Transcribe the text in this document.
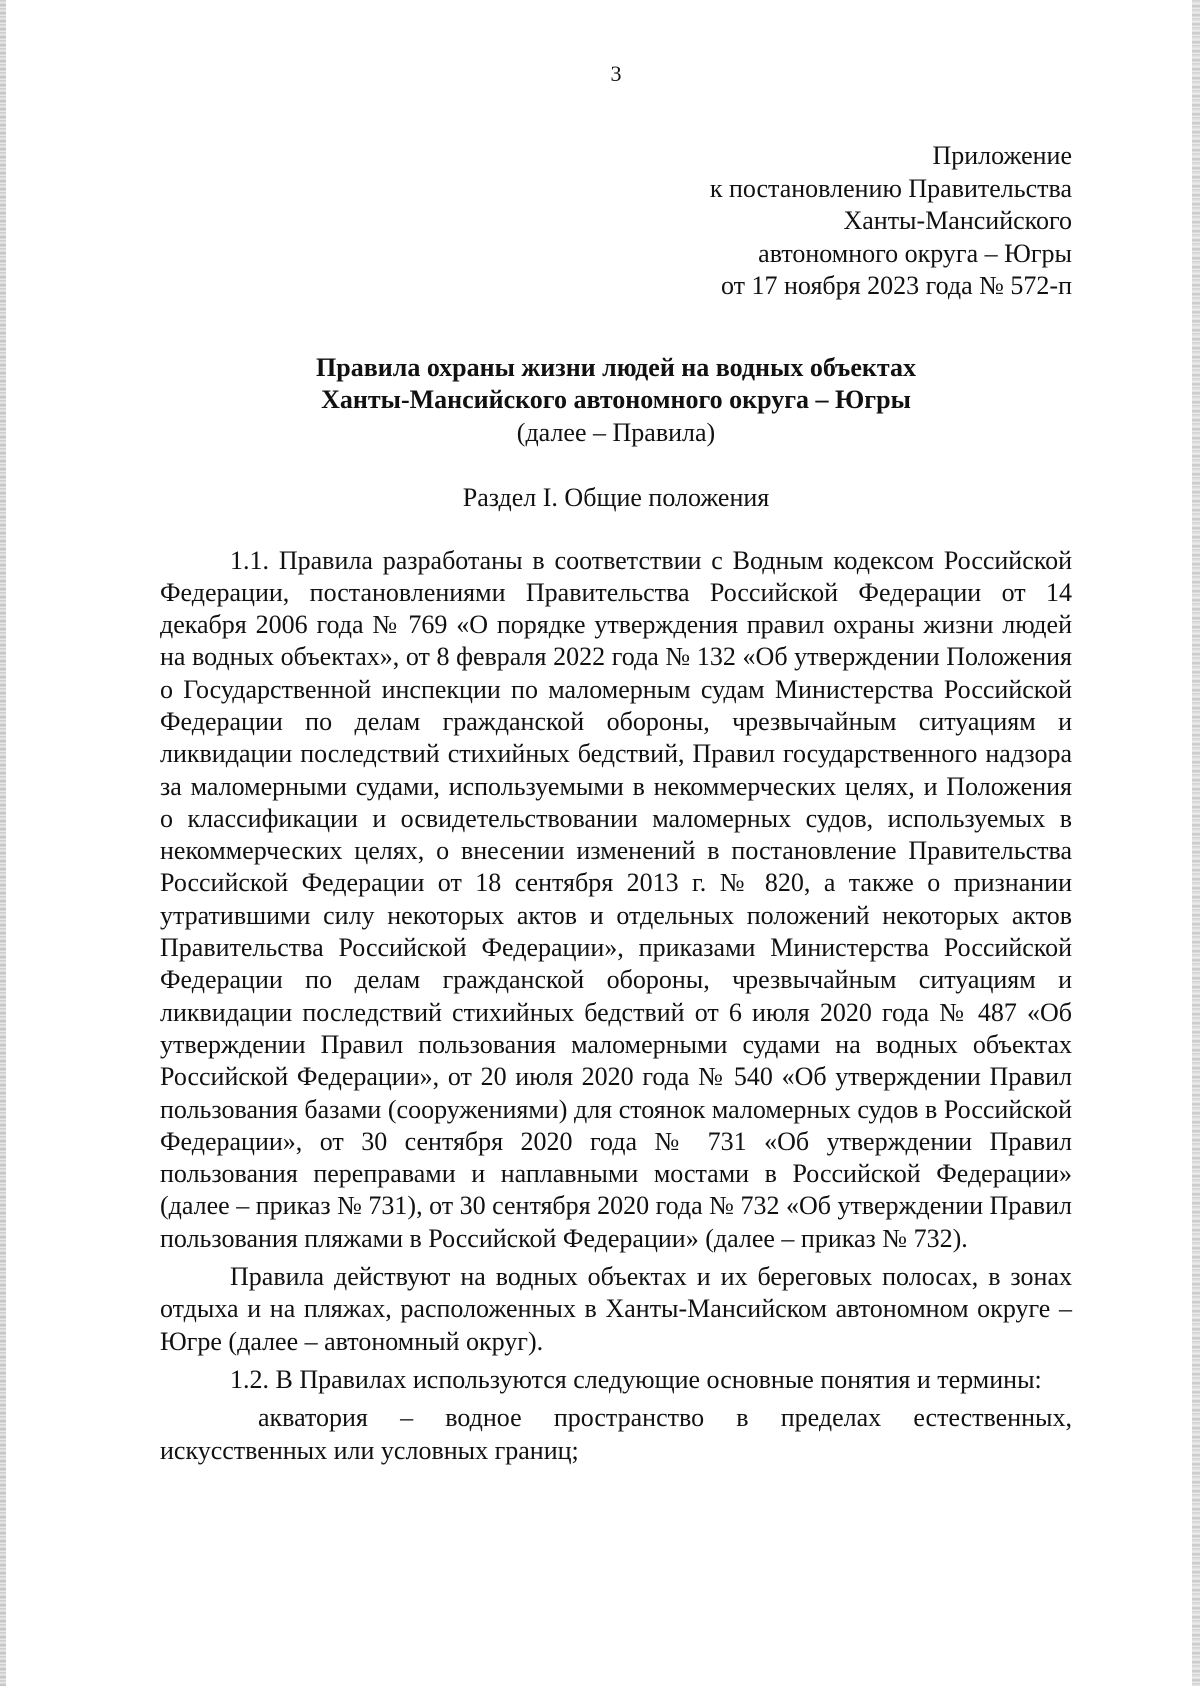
3
Приложение
к постановлению Правительства
Ханты-Мансийского
автономного округа – Югры
от 17 ноября 2023 года № 572-п
Правила охраны жизни людей на водных объектах
Ханты-Мансийского автономного округа – Югры
(далее – Правила)
Раздел I. Общие положения

1.1. Правила разработаны в соответствии с Водным кодексом Российской Федерации, постановлениями Правительства Российской Федерации от 14 декабря 2006 года № 769 «О порядке утверждения правил охраны жизни людей на водных объектах», от 8 февраля 2022 года № 132 «Об утверждении Положения о Государственной инспекции по маломерным судам Министерства Российской Федерации по делам гражданской обороны, чрезвычайным ситуациям и ликвидации последствий стихийных бедствий, Правил государственного надзора за маломерными судами, используемыми в некоммерческих целях, и Положения о классификации и освидетельствовании маломерных судов, используемых в некоммерческих целях, о внесении изменений в постановление Правительства Российской Федерации от 18 сентября 2013 г. № 820, а также о признании утратившими силу некоторых актов и отдельных положений некоторых актов Правительства Российской Федерации», приказами Министерства Российской Федерации по делам гражданской обороны, чрезвычайным ситуациям и ликвидации последствий стихийных бедствий от 6 июля 2020 года № 487 «Об утверждении Правил пользования маломерными судами на водных объектах Российской Федерации», от 20 июля 2020 года № 540 «Об утверждении Правил пользования базами (сооружениями) для стоянок маломерных судов в Российской Федерации», от 30 сентября 2020 года № 731 «Об утверждении Правил пользования переправами и наплавными мостами в Российской Федерации» (далее – приказ № 731), от 30 сентября 2020 года № 732 «Об утверждении Правил пользования пляжами в Российской Федерации» (далее – приказ № 732).

Правила действуют на водных объектах и их береговых полосах, в зонах отдыха и на пляжах, расположенных в Ханты-Мансийском автономном округе – Югре (далее – автономный округ).

1.2. В Правилах используются следующие основные понятия и термины:

акватория – водное пространство в пределах естественных, искусственных или условных границ;
